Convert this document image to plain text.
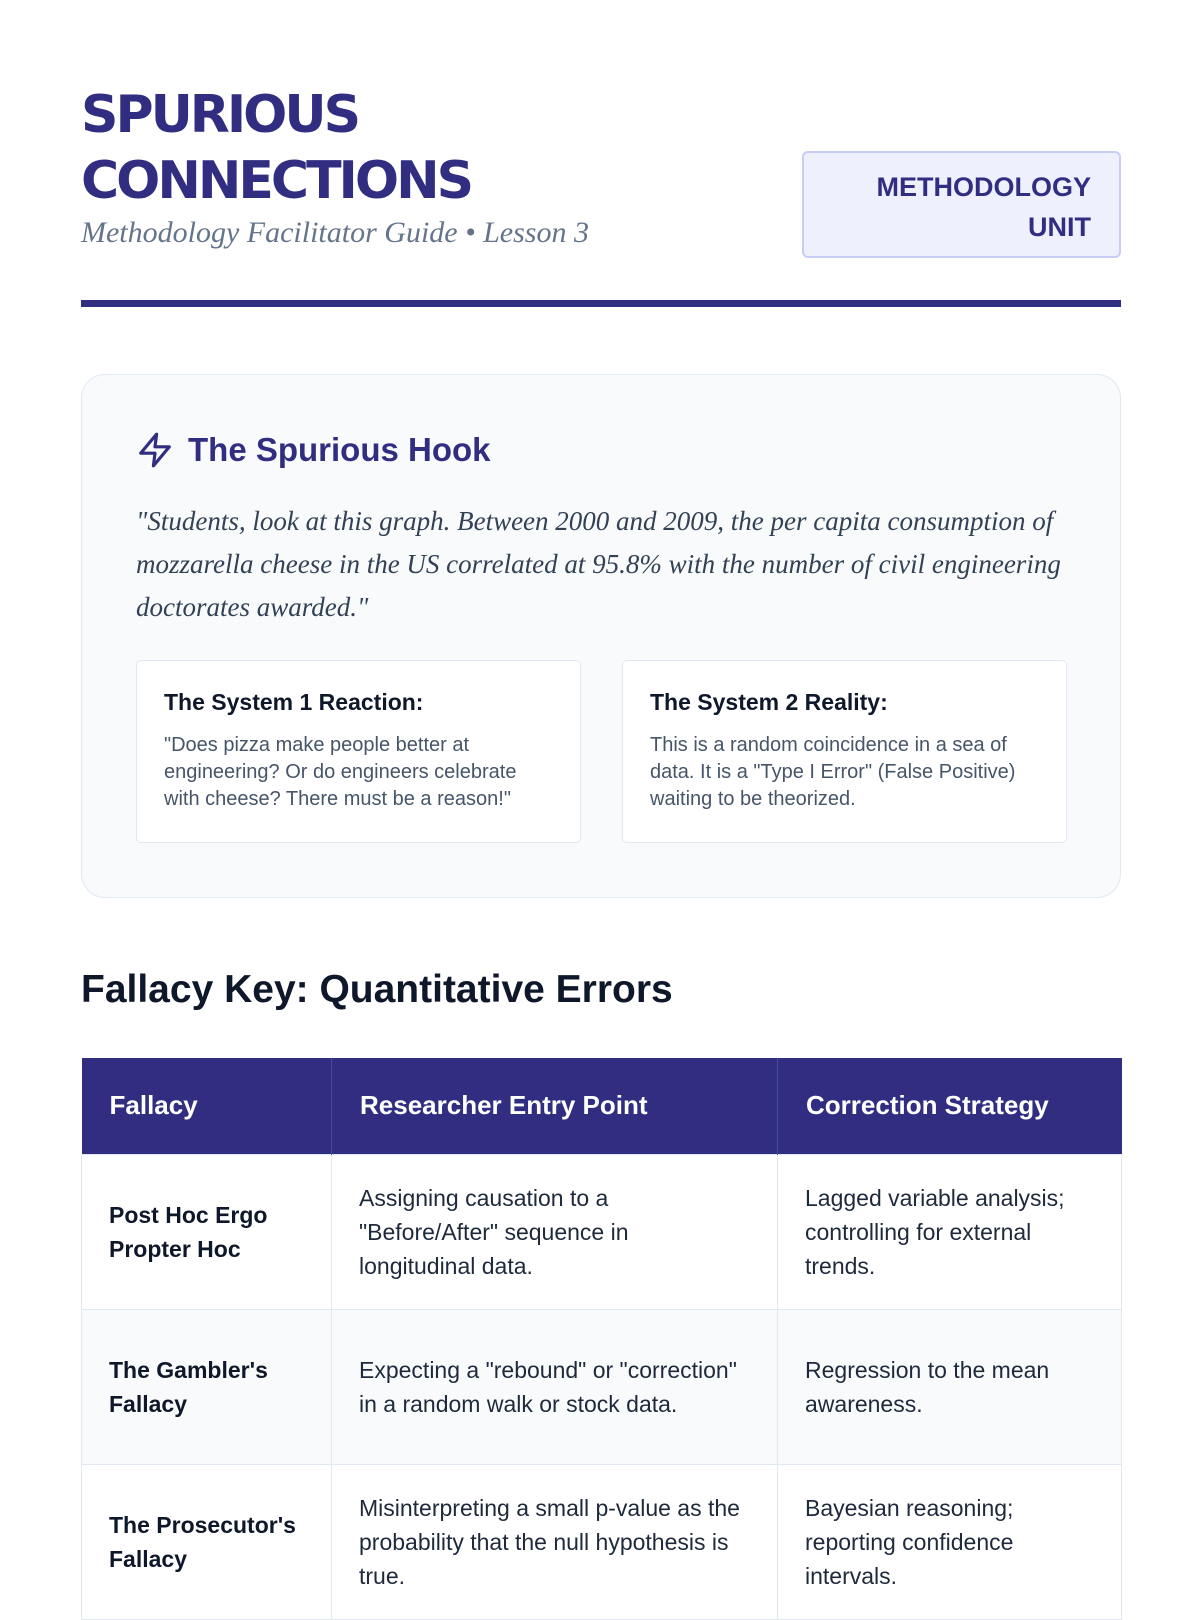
SPURIOUS
CONNECTIONS
Methodology Facilitator Guide • Lesson 3
METHODOLOGY
UNIT
The Spurious Hook
"Students, look at this graph. Between 2000 and 2009, the per capita consumption of mozzarella cheese in the US correlated at 95.8% with the number of civil engineering doctorates awarded."
The System 1 Reaction:
"Does pizza make people better at engineering? Or do engineers celebrate with cheese? There must be a reason!"
The System 2 Reality:
This is a random coincidence in a sea of data. It is a "Type I Error" (False Positive) waiting to be theorized.
Fallacy Key: Quantitative Errors
Fallacy	Researcher Entry Point	Correction Strategy
Post Hoc Ergo Propter Hoc	Assigning causation to a "Before/After" sequence in longitudinal data.	Lagged variable analysis; controlling for external trends.
The Gambler's Fallacy	Expecting a "rebound" or "correction" in a random walk or stock data.	Regression to the mean awareness.
The Prosecutor's Fallacy	Misinterpreting a small p-value as the probability that the null hypothesis is true.	Bayesian reasoning; reporting confidence intervals.
